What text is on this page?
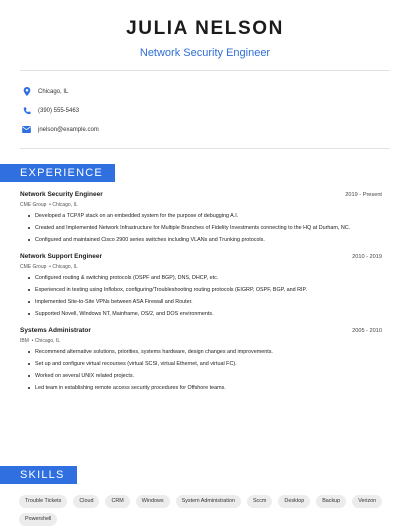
JULIA NELSON
Network Security Engineer
Chicago, IL
(390) 555-5463
jnelson@example.com
EXPERIENCE
Network Security Engineer	2019 - Present
CME Group  • Chicago, IL
Developed a TCP/IP stack on an embedded system for the purpose of debugging A.I.
Created and Implemented Network Infrastructure for Multiple Branches of Fidelity Investments connecting to the HQ at Durham, NC.
Configured and maintained Cisco 2900 series switches including VLANs and Trunking protocols.
Network Support Engineer	2010 - 2019
CME Group  • Chicago, IL
Configured routing & switching protocols (OSPF and BGP), DNS, DHCP, etc.
Experienced in testing using Inflobox, configuring/Troubleshooting routing protocols (EIGRP, OSPF, BGP, and RIP.
Implemented Site-to-Site VPNs between ASA Firewall and Router.
Supported Novell, Windows NT, Mainframe, OS/2, and DOS environments.
Systems Administrator	2005 - 2010
IBM  • Chicago, IL
Recommend alternative solutions, priorities, systems hardware, design changes and improvements.
Set up and configure virtual recourses (virtual SCSI, virtual Ethernet, and virtual FC).
Worked on several UNIX related projects.
Led team in establishing remote access security procedures for Offshore teams.
SKILLS
Trouble Tickets	Cloud	CRM	Windows	System Administration	Sccm	Desktop	Backup	Verizon
Powershell
